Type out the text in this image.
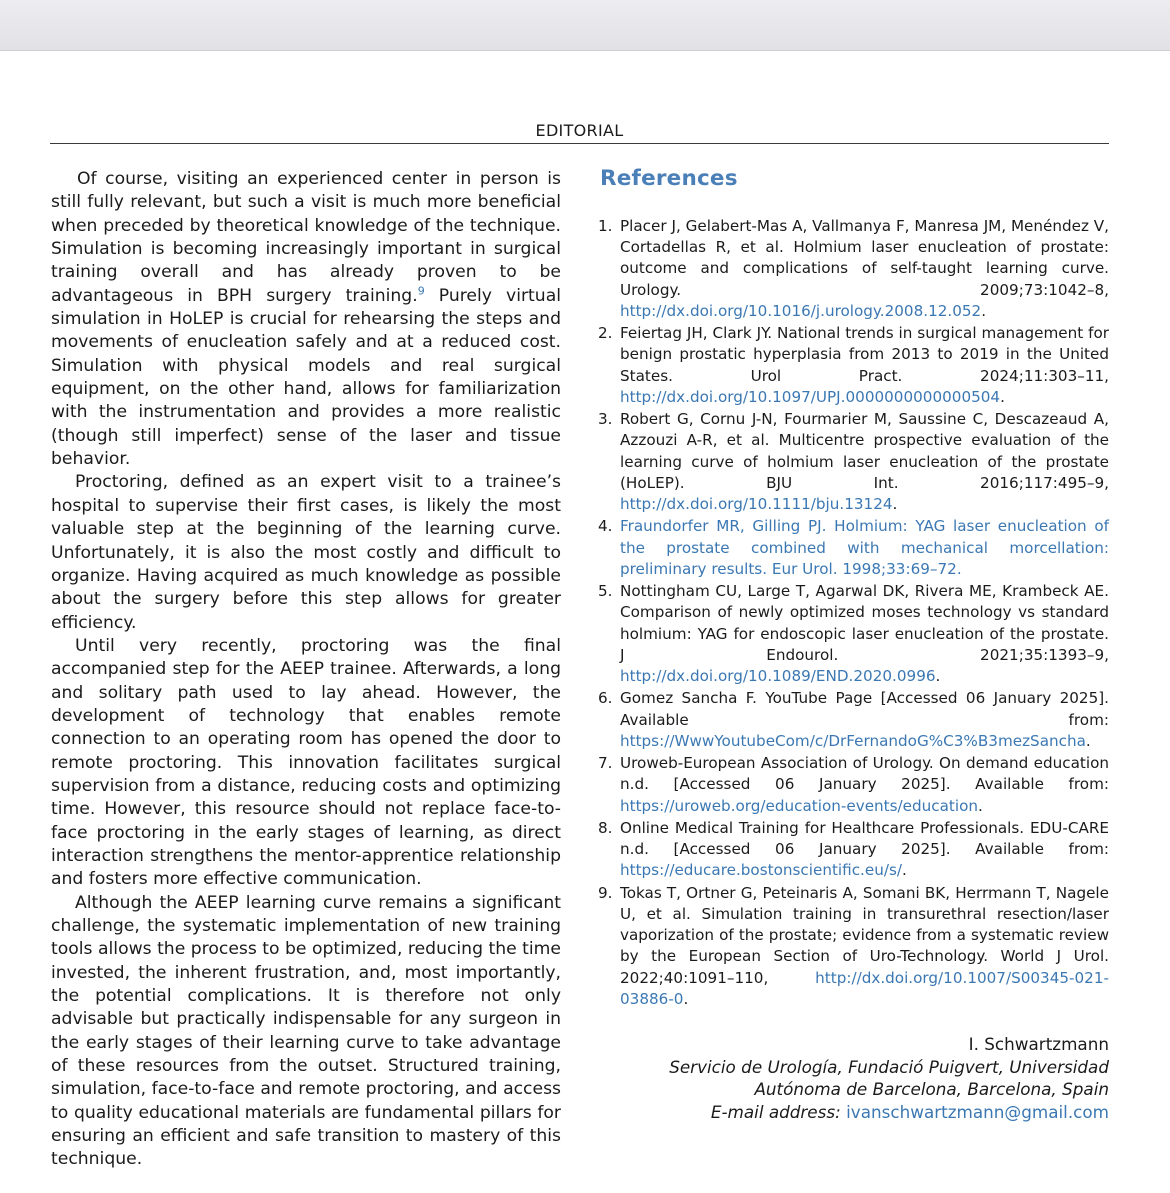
EDITORIAL

Of course, visiting an experienced center in person is still fully relevant, but such a visit is much more beneficial when preceded by theoretical knowledge of the technique. Simulation is becoming increasingly important in surgical training overall and has already proven to be advantageous in BPH surgery training.$^9$ Purely virtual simulation in HoLEP is crucial for rehearsing the steps and movements of enucleation safely and at a reduced cost. Simulation with physical models and real surgical equipment, on the other hand, allows for familiarization with the instrumentation and provides a more realistic (though still imperfect) sense of the laser and tissue behavior.

Proctoring, defined as an expert visit to a trainee’s hospital to supervise their first cases, is likely the most valuable step at the beginning of the learning curve. Unfortunately, it is also the most costly and difficult to organize. Having acquired as much knowledge as possible about the surgery before this step allows for greater efficiency.

Until very recently, proctoring was the final accompanied step for the AEEP trainee. Afterwards, a long and solitary path used to lay ahead. However, the development of technology that enables remote connection to an operating room has opened the door to remote proctoring. This innovation facilitates surgical supervision from a distance, reducing costs and optimizing time. However, this resource should not replace face-to-face proctoring in the early stages of learning, as direct interaction strengthens the mentor-apprentice relationship and fosters more effective communication.

Although the AEEP learning curve remains a significant challenge, the systematic implementation of new training tools allows the process to be optimized, reducing the time invested, the inherent frustration, and, most importantly, the potential complications. It is therefore not only advisable but practically indispensable for any surgeon in the early stages of their learning curve to take advantage of these resources from the outset. Structured training, simulation, face-to-face and remote proctoring, and access to quality educational materials are fundamental pillars for ensuring an efficient and safe transition to mastery of this technique.

References
1. Placer J, Gelabert-Mas A, Vallmanya F, Manresa JM, Menéndez V, Cortadellas R, et al. Holmium laser enucleation of prostate: outcome and complications of self-taught learning curve. Urology. 2009;73:1042–8, http://dx.doi.org/10.1016/j.urology.2008.12.052.
2. Feiertag JH, Clark JY. National trends in surgical management for benign prostatic hyperplasia from 2013 to 2019 in the United States. Urol Pract. 2024;11:303–11, http://dx.doi.org/10.1097/UPJ.0000000000000504.
3. Robert G, Cornu J-N, Fourmarier M, Saussine C, Descazeaud A, Azzouzi A-R, et al. Multicentre prospective evaluation of the learning curve of holmium laser enucleation of the prostate (HoLEP). BJU Int. 2016;117:495–9, http://dx.doi.org/10.1111/bju.13124.
4. Fraundorfer MR, Gilling PJ. Holmium: YAG laser enucleation of the prostate combined with mechanical morcellation: preliminary results. Eur Urol. 1998;33:69–72.
5. Nottingham CU, Large T, Agarwal DK, Rivera ME, Krambeck AE. Comparison of newly optimized moses technology vs standard holmium: YAG for endoscopic laser enucleation of the prostate. J Endourol. 2021;35:1393–9, http://dx.doi.org/10.1089/END.2020.0996.
6. Gomez Sancha F. YouTube Page [Accessed 06 January 2025]. Available from: https://WwwYoutubeCom/c/DrFernandoG%C3%B3mezSancha.
7. Uroweb-European Association of Urology. On demand education n.d. [Accessed 06 January 2025]. Available from: https://uroweb.org/education-events/education.
8. Online Medical Training for Healthcare Professionals. EDU-CARE n.d. [Accessed 06 January 2025]. Available from: https://educare.bostonscientific.eu/s/.
9. Tokas T, Ortner G, Peteinaris A, Somani BK, Herrmann T, Nagele U, et al. Simulation training in transurethral resection/laser vaporization of the prostate; evidence from a systematic review by the European Section of Uro-Technology. World J Urol. 2022;40:1091–110, http://dx.doi.org/10.1007/S00345-021-03886-0.
I. Schwartzmann
Servicio de Urología, Fundació Puigvert, Universidad
Autónoma de Barcelona, Barcelona, Spain
E-mail address: ivanschwartzmann@gmail.com
